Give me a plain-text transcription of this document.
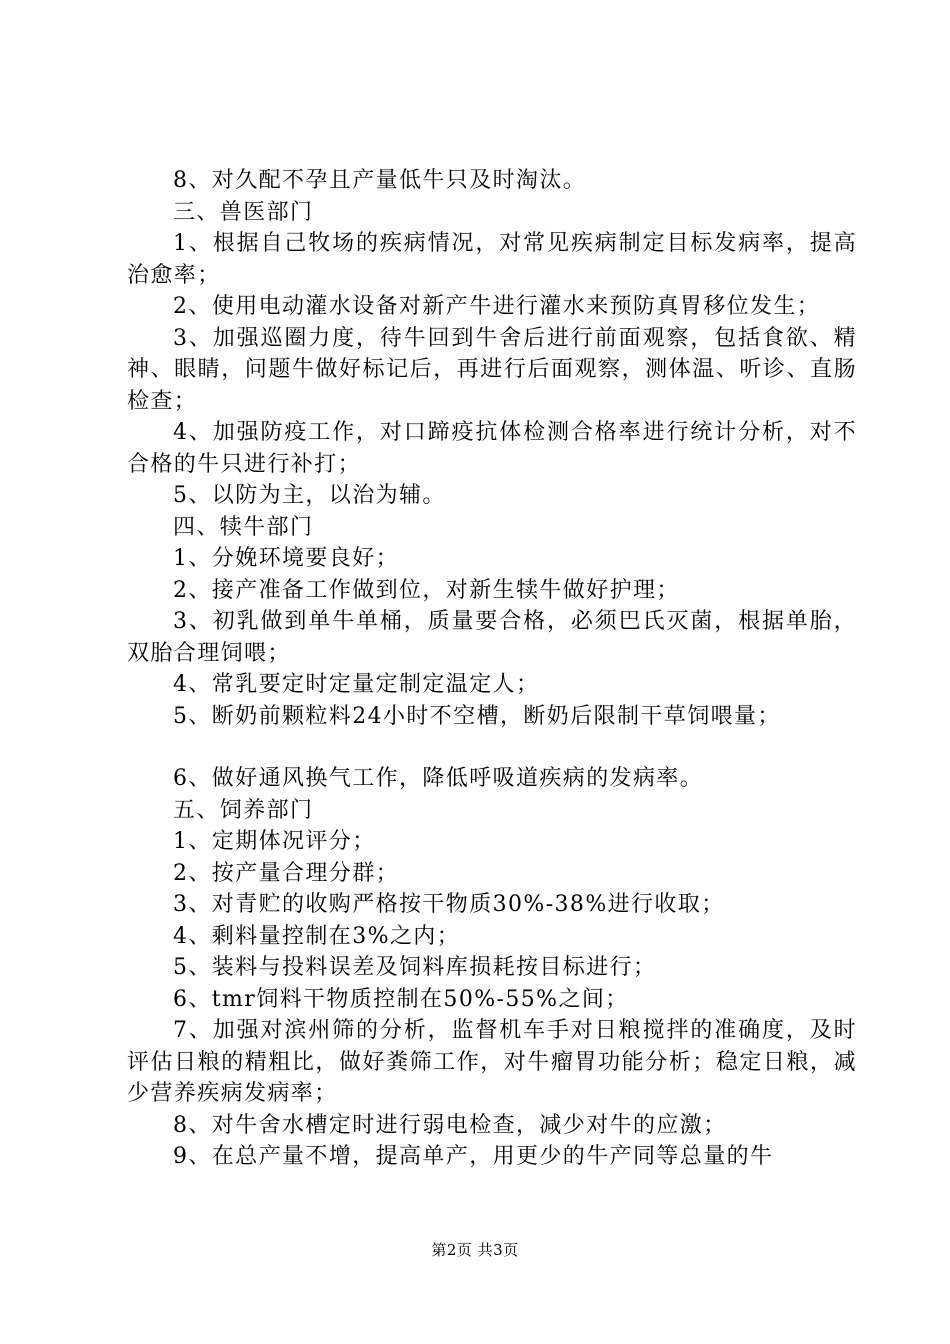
8、对久配不孕且产量低牛只及时淘汰。

三、兽医部门

1、根据自己牧场的疾病情况，对常见疾病制定目标发病率，提高治愈率；

2、使用电动灌水设备对新产牛进行灌水来预防真胃移位发生；

3、加强巡圈力度，待牛回到牛舍后进行前面观察，包括食欲、精神、眼睛，问题牛做好标记后，再进行后面观察，测体温、听诊、直肠检查；

4、加强防疫工作，对口蹄疫抗体检测合格率进行统计分析，对不合格的牛只进行补打；

5、以防为主，以治为辅。

四、犊牛部门

1、分娩环境要良好；

2、接产准备工作做到位，对新生犊牛做好护理；

3、初乳做到单牛单桶，质量要合格，必须巴氏灭菌，根据单胎，双胎合理饲喂；

4、常乳要定时定量定制定温定人；

5、断奶前颗粒料24小时不空槽，断奶后限制干草饲喂量；

6、做好通风换气工作，降低呼吸道疾病的发病率。

五、饲养部门

1、定期体况评分；

2、按产量合理分群；

3、对青贮的收购严格按干物质30%-38%进行收取；

4、剩料量控制在3%之内；

5、装料与投料误差及饲料库损耗按目标进行；

6、tmr饲料干物质控制在50%-55%之间；

7、加强对滨州筛的分析，监督机车手对日粮搅拌的准确度，及时评估日粮的精粗比，做好粪筛工作，对牛瘤胃功能分析；稳定日粮，减少营养疾病发病率；

8、对牛舍水槽定时进行弱电检查，减少对牛的应激；

9、在总产量不增，提高单产，用更少的牛产同等总量的牛

第2页 共3页
